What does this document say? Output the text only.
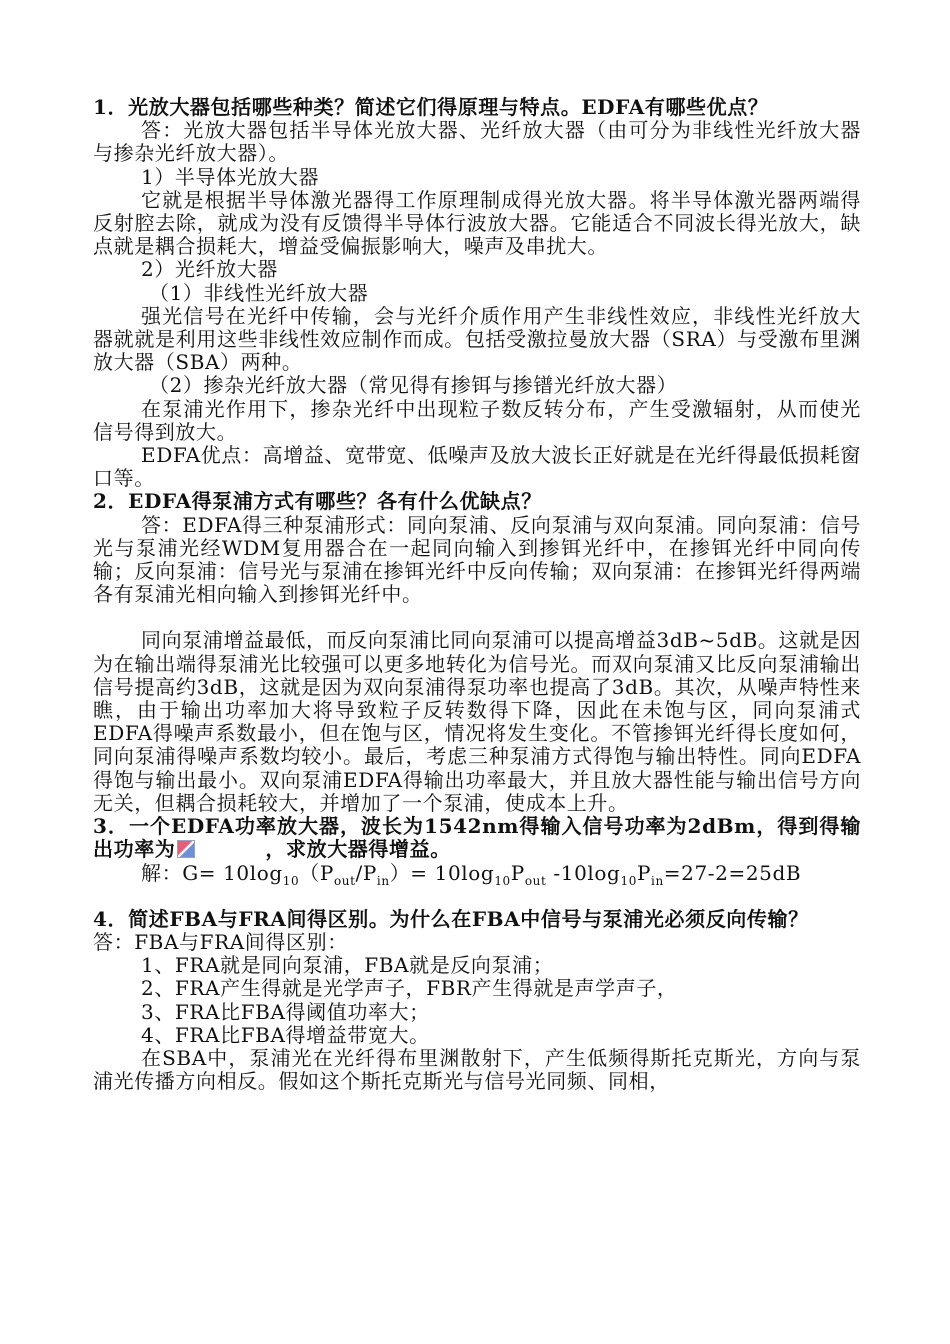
1．光放大器包括哪些种类？简述它们得原理与特点。EDFA有哪些优点？

答：光放大器包括半导体光放大器、光纤放大器（由可分为非线性光纤放大器与掺杂光纤放大器）。

1）半导体光放大器

它就是根据半导体激光器得工作原理制成得光放大器。将半导体激光器两端得反射腔去除，就成为没有反馈得半导体行波放大器。它能适合不同波长得光放大，缺点就是耦合损耗大，增益受偏振影响大，噪声及串扰大。

2）光纤放大器

（1）非线性光纤放大器

强光信号在光纤中传输，会与光纤介质作用产生非线性效应，非线性光纤放大器就就是利用这些非线性效应制作而成。包括受激拉曼放大器（SRA）与受激布里渊放大器（SBA）两种。

（2）掺杂光纤放大器（常见得有掺铒与掺镨光纤放大器）

在泵浦光作用下，掺杂光纤中出现粒子数反转分布，产生受激辐射，从而使光信号得到放大。

EDFA优点：高增益、宽带宽、低噪声及放大波长正好就是在光纤得最低损耗窗口等。

2．EDFA得泵浦方式有哪些？各有什么优缺点？

答：EDFA得三种泵浦形式：同向泵浦、反向泵浦与双向泵浦。同向泵浦：信号光与泵浦光经WDM复用器合在一起同向输入到掺铒光纤中，在掺铒光纤中同向传输；反向泵浦：信号光与泵浦在掺铒光纤中反向传输；双向泵浦：在掺铒光纤得两端各有泵浦光相向输入到掺铒光纤中。

同向泵浦增益最低，而反向泵浦比同向泵浦可以提高增益3dB~5dB。这就是因为在输出端得泵浦光比较强可以更多地转化为信号光。而双向泵浦又比反向泵浦输出信号提高约3dB，这就是因为双向泵浦得泵功率也提高了3dB。其次，从噪声特性来瞧，由于输出功率加大将导致粒子反转数得下降，因此在未饱与区，同向泵浦式EDFA得噪声系数最小，但在饱与区，情况将发生变化。不管掺铒光纤得长度如何，同向泵浦得噪声系数均较小。最后，考虑三种泵浦方式得饱与输出特性。同向EDFA得饱与输出最小。双向泵浦EDFA得输出功率最大，并且放大器性能与输出信号方向无关，但耦合损耗较大，并增加了一个泵浦，使成本上升。

3．一个EDFA功率放大器，波长为1542nm得输入信号功率为2dBm，得到得输出功率为	，求放大器得增益。

解：$G= 10\log_{10}(P_{out}/P_{in})= 10\log_{10}P_{out}$ $-10\log_{10}P_{in}=27-2=25dB$

4．简述FBA与FRA间得区别。为什么在FBA中信号与泵浦光必须反向传输？

答：FBA与FRA间得区别：

1、FRA就是同向泵浦，FBA就是反向泵浦；

2、FRA产生得就是光学声子，FBR产生得就是声学声子，

3、FRA比FBA得阈值功率大；

4、FRA比FBA得增益带宽大。

在SBA中，泵浦光在光纤得布里渊散射下，产生低频得斯托克斯光，方向与泵浦光传播方向相反。假如这个斯托克斯光与信号光同频、同相，
